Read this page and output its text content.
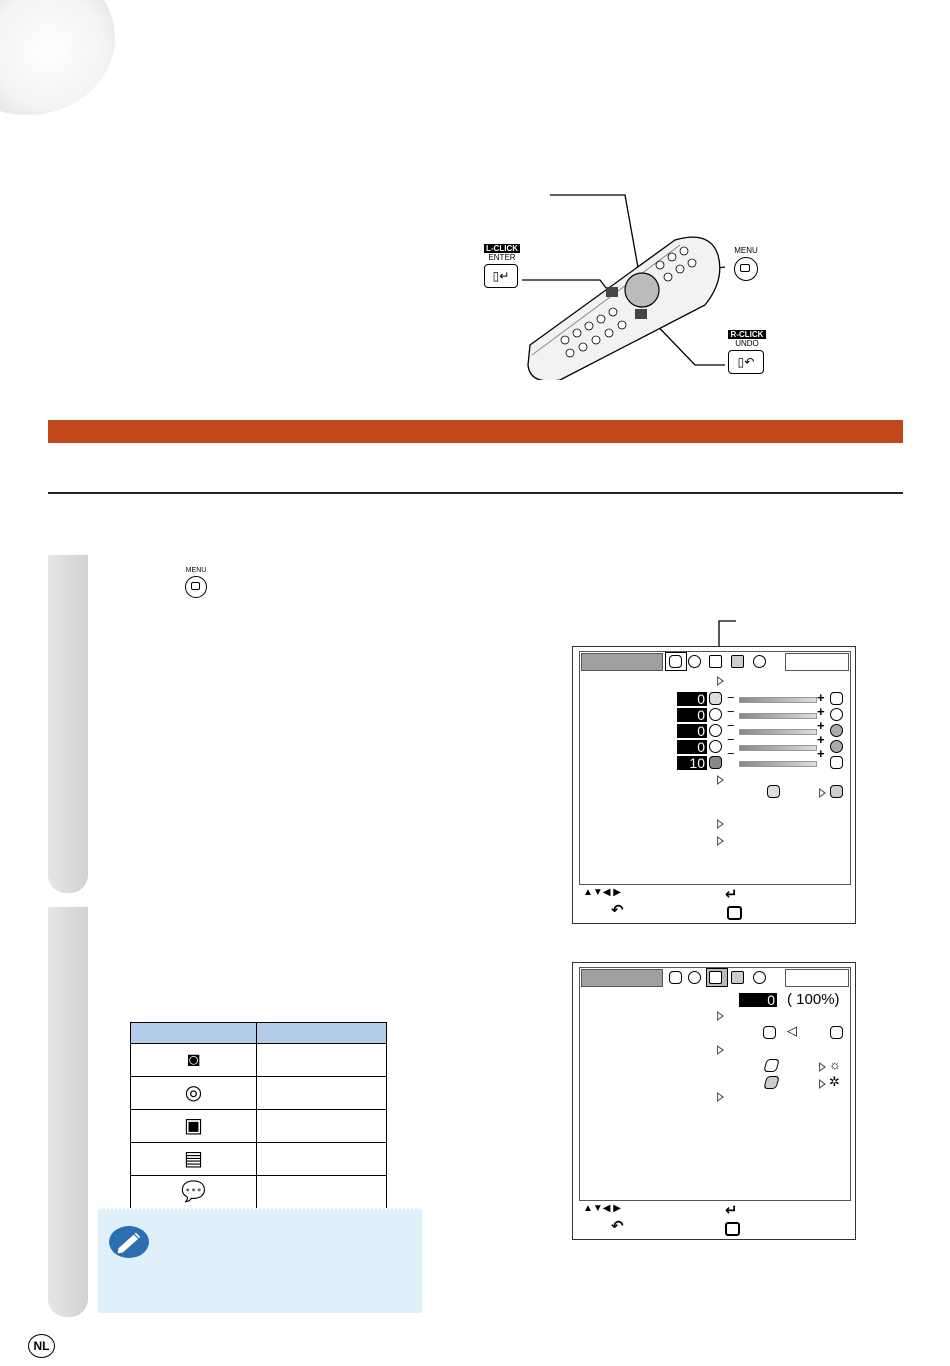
L-CLICK
ENTER
▯↵
MENU
R-CLICK
UNDO
▯↶
MENU
0
0
0
0
10
−
−
−
−
−
+
+
+
+
+
▲▼◀ ▶
↶
↵
0 ( 100%)
◁
☼
✲
▲▼◀ ▶
↶
↵

◙	
◎	
▣	
▤	
💬	
NL
